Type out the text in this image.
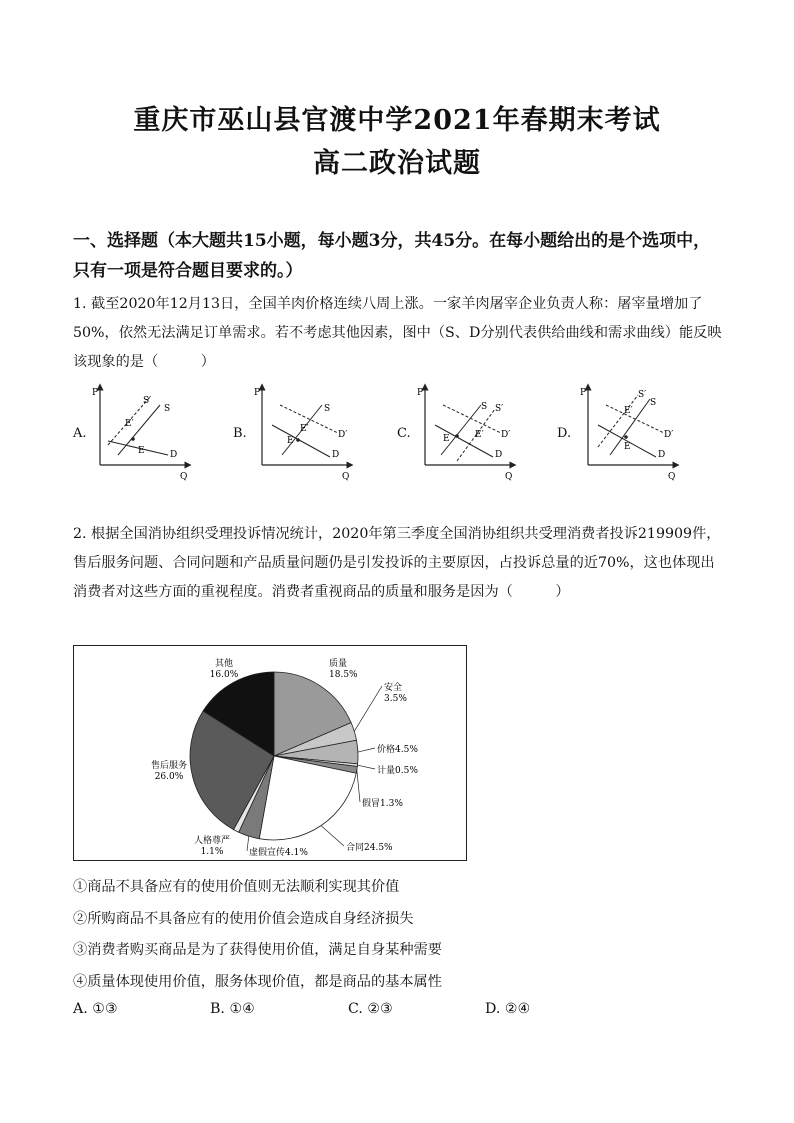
重庆市巫山县官渡中学2021年春期末考试
高二政治试题
一、选择题（本大题共15小题，每小题3分，共45分。在每小题给出的是个选项中，只有一项是符合题目要求的。）
1. 截至2020年12月13日，全国羊肉价格连续八周上涨。一家羊肉屠宰企业负责人称：屠宰量增加了50%，依然无法满足订单需求。若不考虑其他因素，图中（S、D分别代表供给曲线和需求曲线）能反映该现象的是（　　　）
A.	B.	C.	D.
P
Q
S
S′
D
E′
E
P
Q
S
D′
D
E′
E
P
Q
S S′
D′
D
E′
E
P
Q
S
S′
D′
D
E′
E
2. 根据全国消协组织受理投诉情况统计，2020年第三季度全国消协组织共受理消费者投诉219909件，售后服务问题、合同问题和产品质量问题仍是引发投诉的主要原因，占投诉总量的近70%，这也体现出消费者对这些方面的重视程度。消费者重视商品的质量和服务是因为（　　　）
质量 18.5%
安全 3.5%
价格4.5%
计量0.5%
假冒1.3%
合同24.5%
虚假宣传4.1%
人格尊严 1.1%
售后服务 26.0%
其他 16.0%
①商品不具备应有的使用价值则无法顺利实现其价值
②所购商品不具备应有的使用价值会造成自身经济损失
③消费者购买商品是为了获得使用价值，满足自身某种需要
④质量体现使用价值，服务体现价值，都是商品的基本属性
A. ①③	B. ①④	C. ②③	D. ②④
